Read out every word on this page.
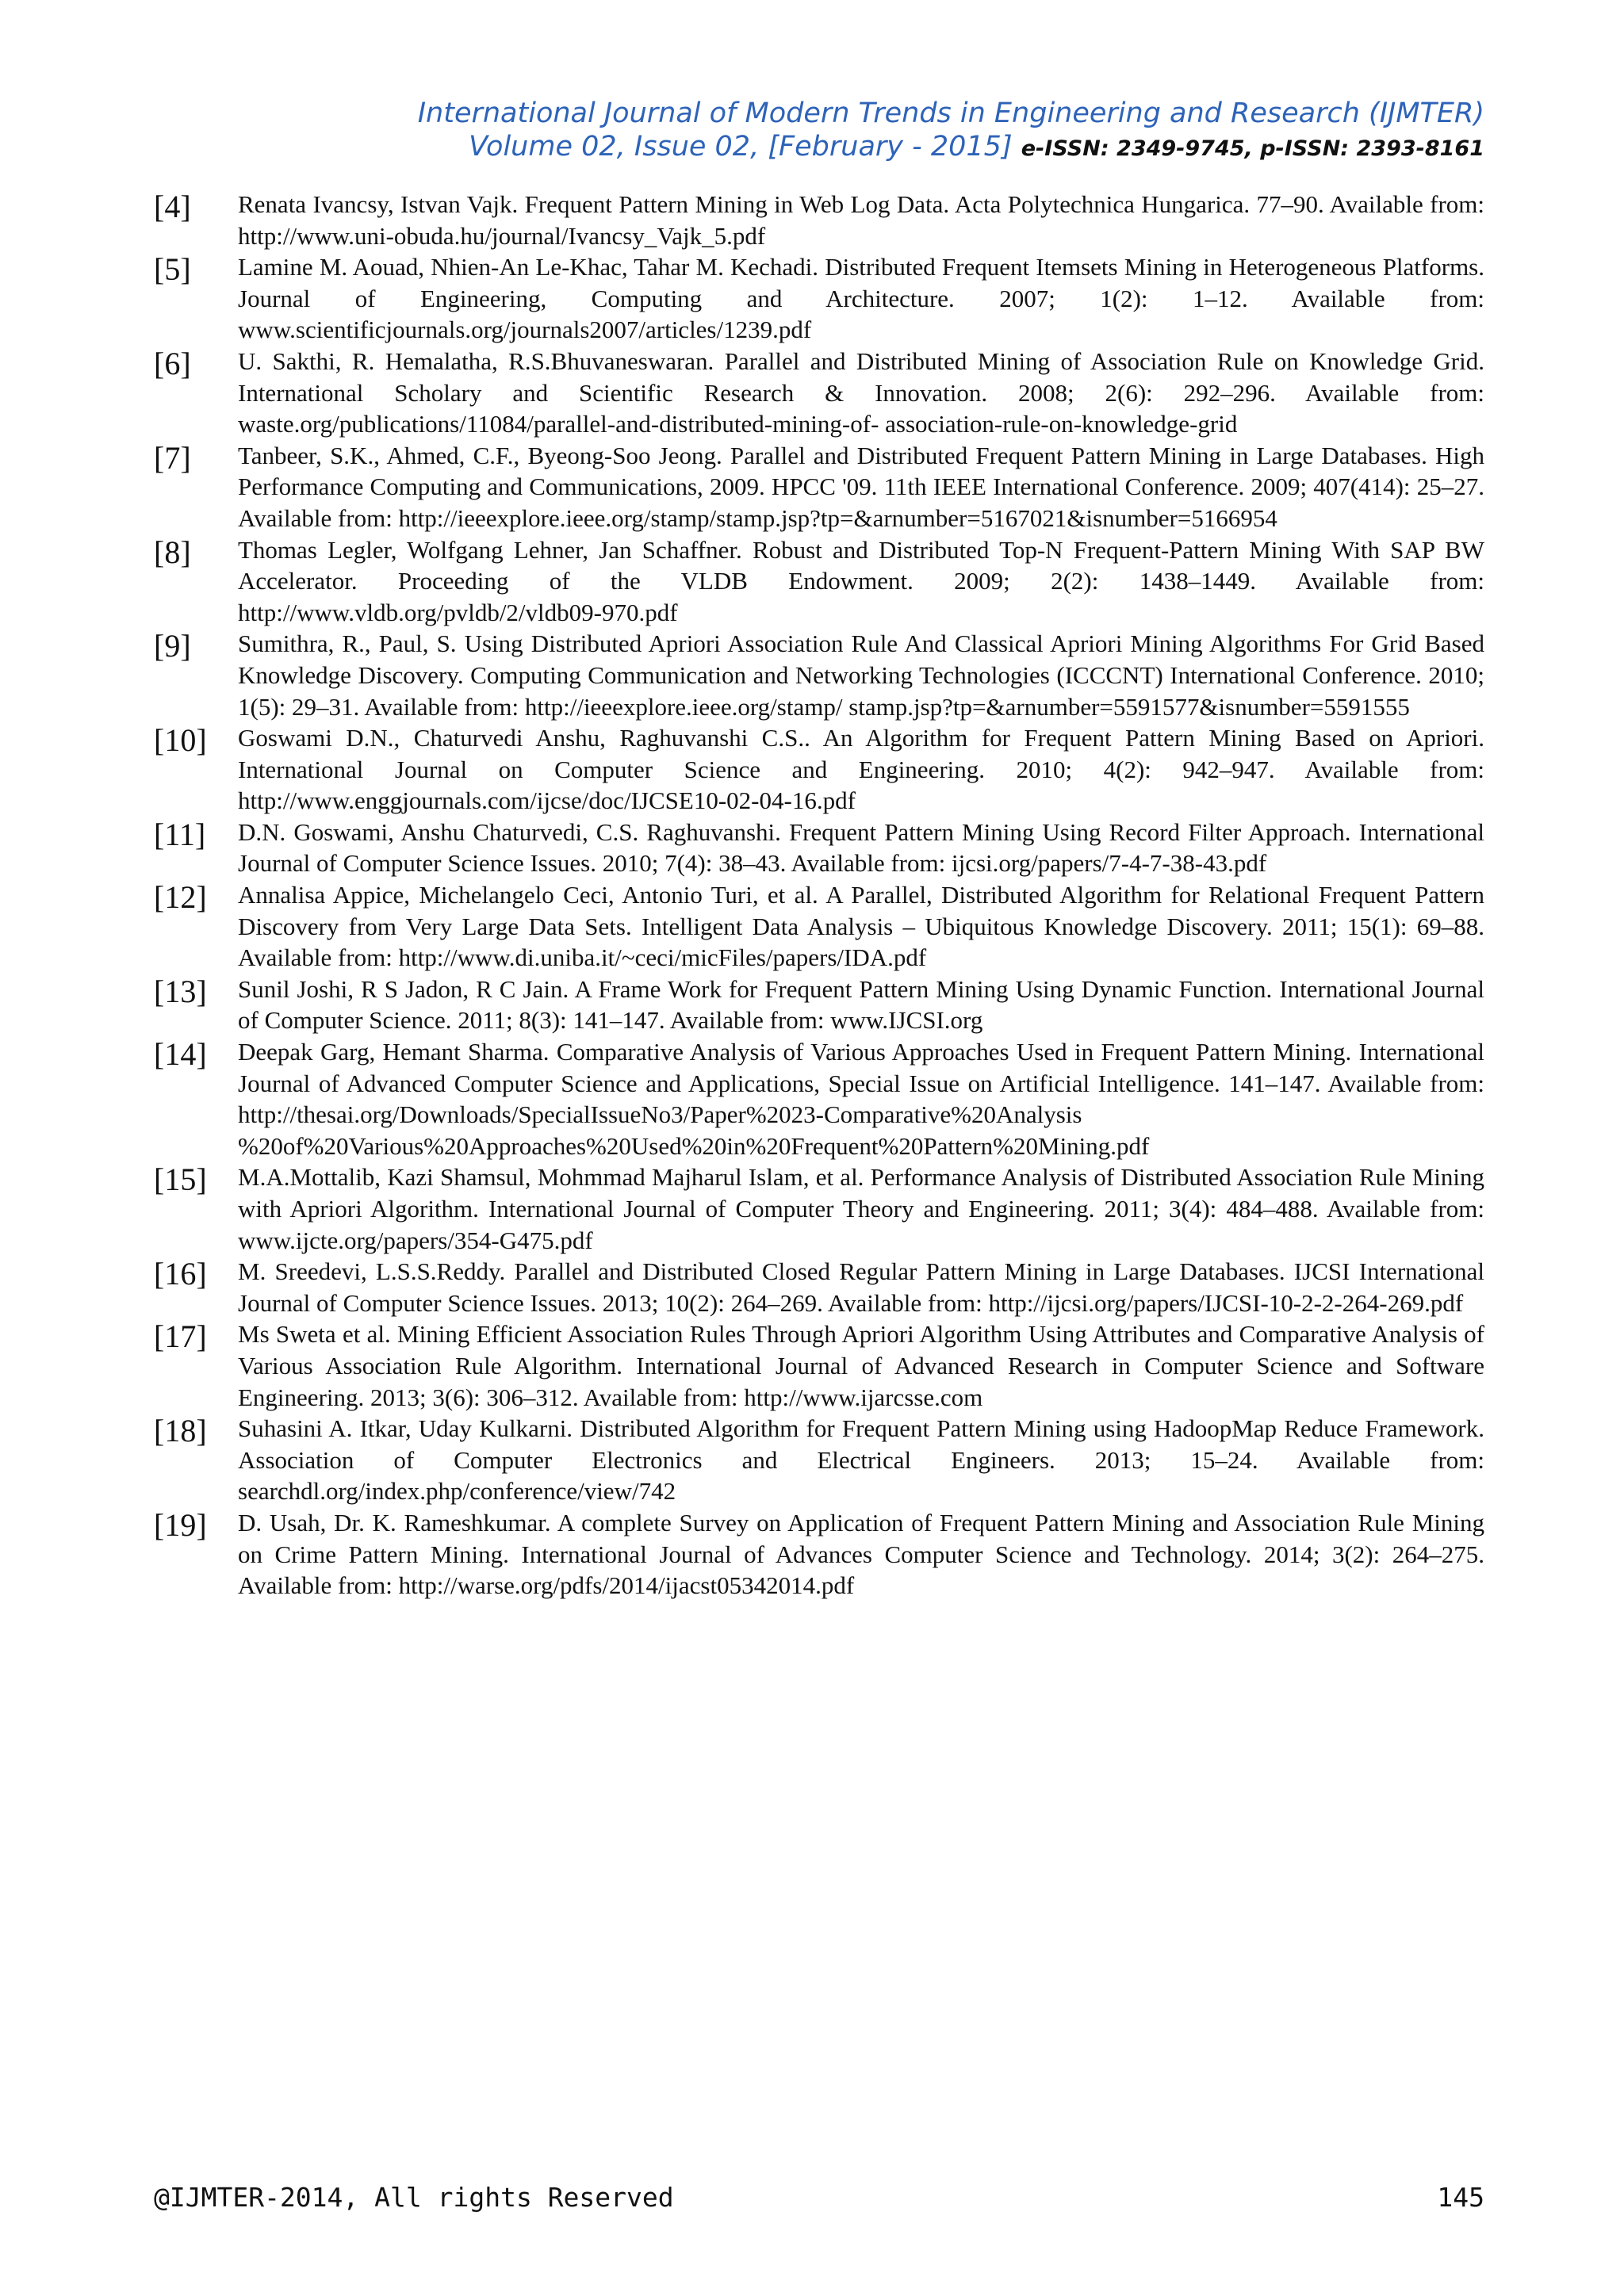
International Journal of Modern Trends in Engineering and Research (IJMTER)
Volume 02, Issue 02, [February - 2015] e-ISSN: 2349-9745, p-ISSN: 2393-8161
[4] Renata Ivancsy, Istvan Vajk. Frequent Pattern Mining in Web Log Data. Acta Polytechnica Hungarica. 77–90. Available from: http://www.uni-obuda.hu/journal/Ivancsy_Vajk_5.pdf
[5] Lamine M. Aouad, Nhien-An Le-Khac, Tahar M. Kechadi. Distributed Frequent Itemsets Mining in Heterogeneous Platforms. Journal of Engineering, Computing and Architecture. 2007; 1(2): 1–12. Available from: www.scientificjournals.org/journals2007/articles/1239.pdf
[6] U. Sakthi, R. Hemalatha, R.S.Bhuvaneswaran. Parallel and Distributed Mining of Association Rule on Knowledge Grid. International Scholary and Scientific Research & Innovation. 2008; 2(6): 292–296. Available from: waste.org/publications/11084/parallel-and-distributed-mining-of- association-rule-on-knowledge-grid
[7] Tanbeer, S.K., Ahmed, C.F., Byeong-Soo Jeong. Parallel and Distributed Frequent Pattern Mining in Large Databases. High Performance Computing and Communications, 2009. HPCC '09. 11th IEEE International Conference. 2009; 407(414): 25–27. Available from: http://ieeexplore.ieee.org/stamp/stamp.jsp?tp=&arnumber=5167021&isnumber=5166954
[8] Thomas Legler, Wolfgang Lehner, Jan Schaffner. Robust and Distributed Top-N Frequent-Pattern Mining With SAP BW Accelerator. Proceeding of the VLDB Endowment. 2009; 2(2): 1438–1449. Available from: http://www.vldb.org/pvldb/2/vldb09-970.pdf
[9] Sumithra, R., Paul, S. Using Distributed Apriori Association Rule And Classical Apriori Mining Algorithms For Grid Based Knowledge Discovery. Computing Communication and Networking Technologies (ICCCNT) International Conference. 2010; 1(5): 29–31. Available from: http://ieeexplore.ieee.org/stamp/ stamp.jsp?tp=&arnumber=5591577&isnumber=5591555
[10] Goswami D.N., Chaturvedi Anshu, Raghuvanshi C.S.. An Algorithm for Frequent Pattern Mining Based on Apriori. International Journal on Computer Science and Engineering. 2010; 4(2): 942–947. Available from: http://www.enggjournals.com/ijcse/doc/IJCSE10-02-04-16.pdf
[11] D.N. Goswami, Anshu Chaturvedi, C.S. Raghuvanshi. Frequent Pattern Mining Using Record Filter Approach. International Journal of Computer Science Issues. 2010; 7(4): 38–43. Available from: ijcsi.org/papers/7-4-7-38-43.pdf
[12] Annalisa Appice, Michelangelo Ceci, Antonio Turi, et al. A Parallel, Distributed Algorithm for Relational Frequent Pattern Discovery from Very Large Data Sets. Intelligent Data Analysis – Ubiquitous Knowledge Discovery. 2011; 15(1): 69–88. Available from: http://www.di.uniba.it/~ceci/micFiles/papers/IDA.pdf
[13] Sunil Joshi, R S Jadon, R C Jain. A Frame Work for Frequent Pattern Mining Using Dynamic Function. International Journal of Computer Science. 2011; 8(3): 141–147. Available from: www.IJCSI.org
[14] Deepak Garg, Hemant Sharma. Comparative Analysis of Various Approaches Used in Frequent Pattern Mining. International Journal of Advanced Computer Science and Applications, Special Issue on Artificial Intelligence. 141–147. Available from: http://thesai.org/Downloads/SpecialIssueNo3/Paper%2023-Comparative%20Analysis %20of%20Various%20Approaches%20Used%20in%20Frequent%20Pattern%20Mining.pdf
[15] M.A.Mottalib, Kazi Shamsul, Mohmmad Majharul Islam, et al. Performance Analysis of Distributed Association Rule Mining with Apriori Algorithm. International Journal of Computer Theory and Engineering. 2011; 3(4): 484–488. Available from: www.ijcte.org/papers/354-G475.pdf
[16] M. Sreedevi, L.S.S.Reddy. Parallel and Distributed Closed Regular Pattern Mining in Large Databases. IJCSI International Journal of Computer Science Issues. 2013; 10(2): 264–269. Available from: http://ijcsi.org/papers/IJCSI-10-2-2-264-269.pdf
[17] Ms Sweta et al. Mining Efficient Association Rules Through Apriori Algorithm Using Attributes and Comparative Analysis of Various Association Rule Algorithm. International Journal of Advanced Research in Computer Science and Software Engineering. 2013; 3(6): 306–312. Available from: http://www.ijarcsse.com
[18] Suhasini A. Itkar, Uday Kulkarni. Distributed Algorithm for Frequent Pattern Mining using HadoopMap Reduce Framework. Association of Computer Electronics and Electrical Engineers. 2013; 15–24. Available from: searchdl.org/index.php/conference/view/742
[19] D. Usah, Dr. K. Rameshkumar. A complete Survey on Application of Frequent Pattern Mining and Association Rule Mining on Crime Pattern Mining. International Journal of Advances Computer Science and Technology. 2014; 3(2): 264–275. Available from: http://warse.org/pdfs/2014/ijacst05342014.pdf
@IJMTER-2014, All rights Reserved	145
